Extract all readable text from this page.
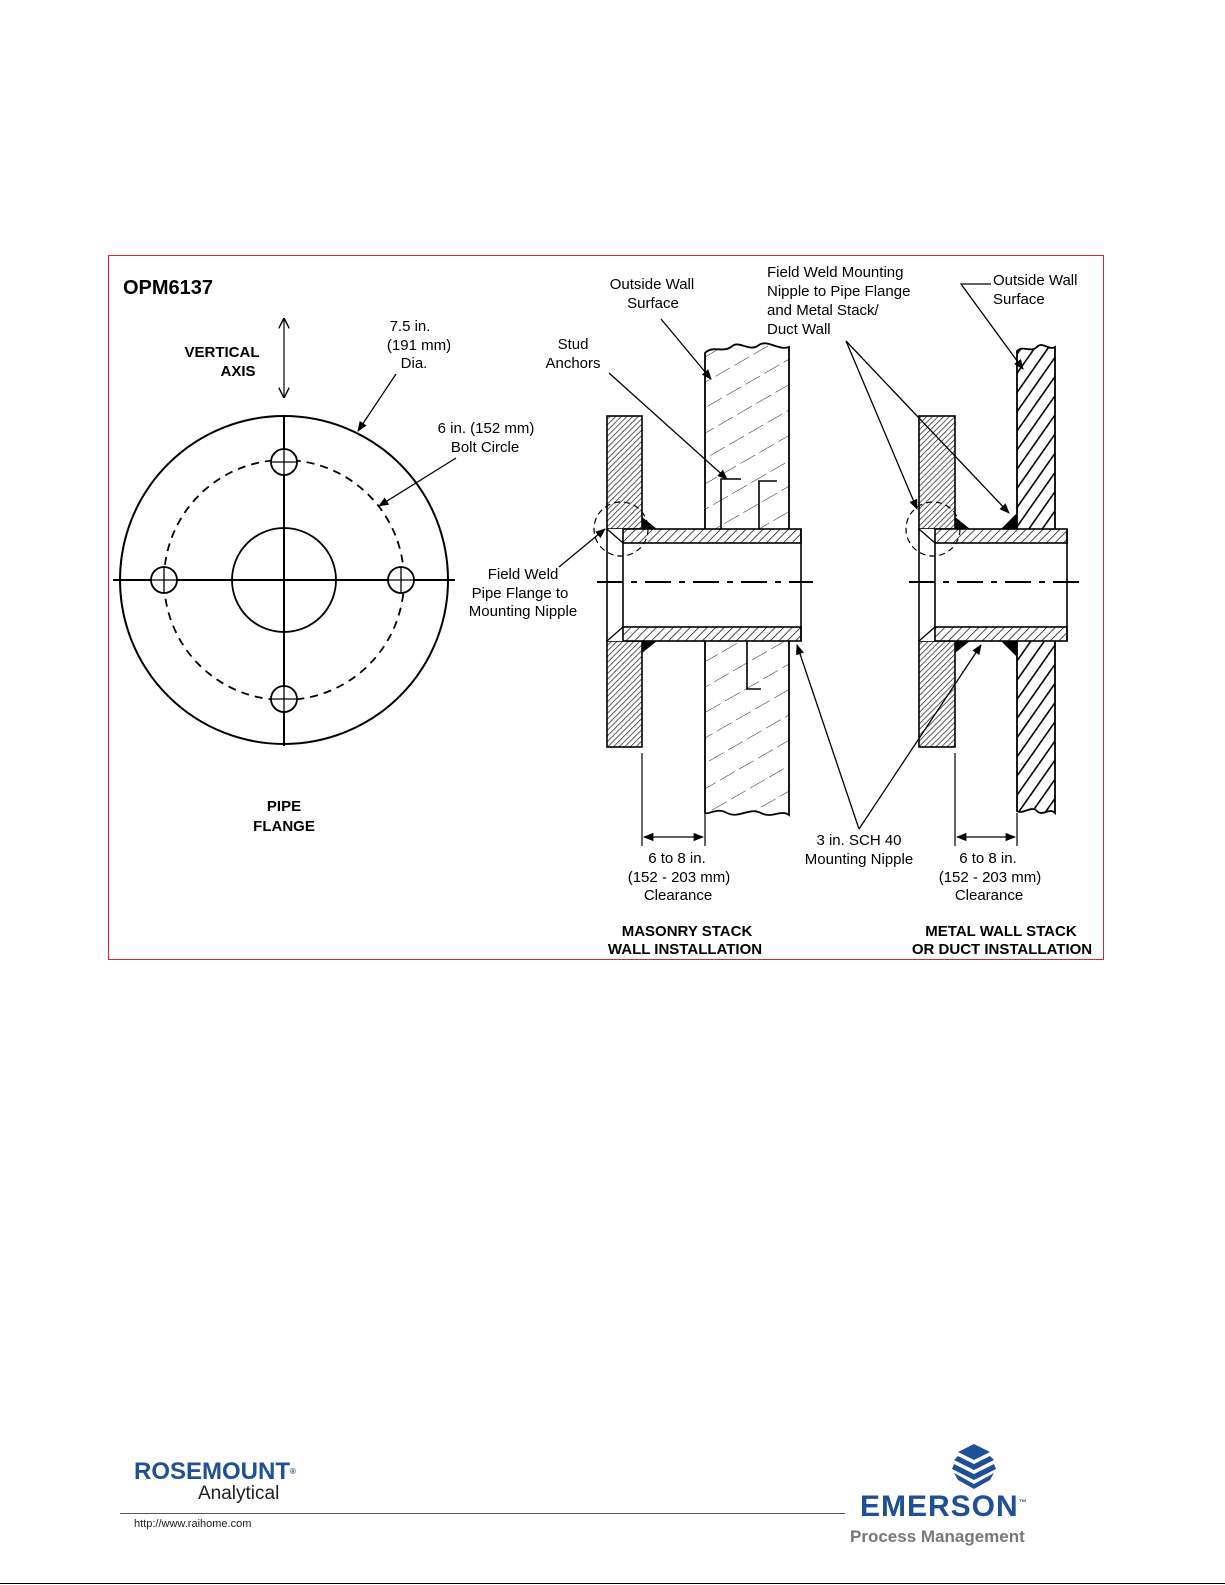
OPM6137
VERTICAL
AXIS
7.5 in.
(191 mm)
Dia.
6 in. (152 mm)
Bolt Circle
PIPE
FLANGE
6 to 8 in.
(152 - 203 mm)
Clearance
MASONRY STACK
WALL INSTALLATION
Outside Wall
Surface
Stud
Anchors
Field Weld
Pipe Flange to
Mounting Nipple
6 to 8 in.
(152 - 203 mm)
Clearance
METAL WALL STACK
OR DUCT INSTALLATION
Field Weld Mounting
Nipple to Pipe Flange
and Metal Stack/
Duct Wall
Outside Wall
Surface
3 in. SCH 40
Mounting Nipple
ROSEMOUNT®
Analytical
http://www.raihome.com
EMERSON™
Process Management
